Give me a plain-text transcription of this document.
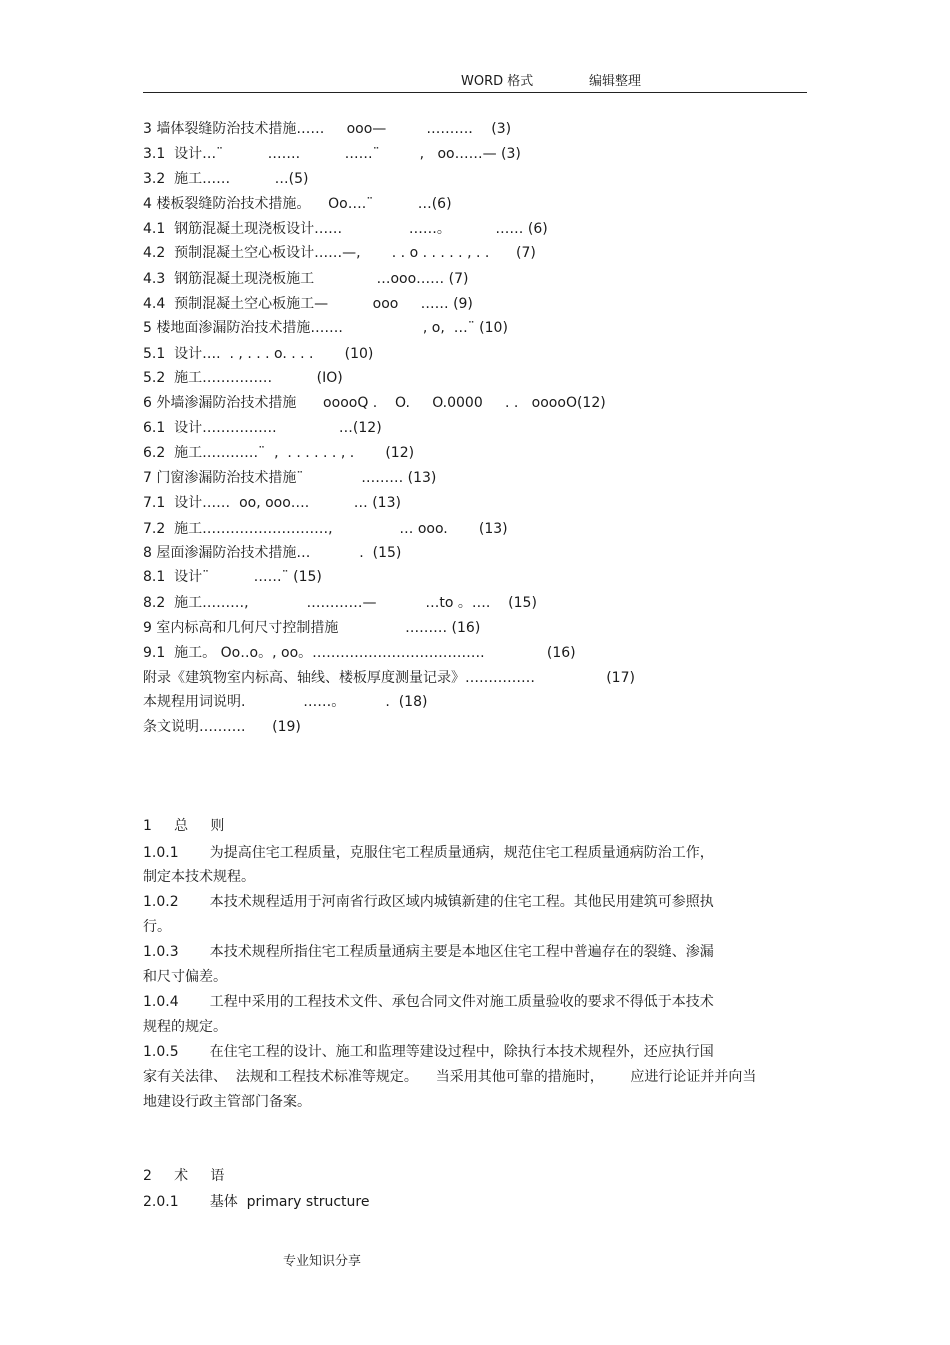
WORD 格式	编辑整理
3 墙体裂缝防治技术措施……     ooo—         ………．  (3)
3.1  设计…¨          …….          ……¨         ,   oo……— (3)
3.2  施工……          …(5)
4 楼板裂缝防治技术措施。    Oo….¨          …(6)
4.1  钢筋混凝土现浇板设计……               ……。          …… (6)
4.2  预制混凝土空心板设计……—,       . . o . . . . . , . .      (7)
4.3  钢筋混凝土现浇板施工              …ooo…… (7)
4.4  预制混凝土空心板施工—          ooo     …… (9)
5 楼地面渗漏防治技术措施…….                  , o,  …¨ (10)
5.1  设计….  . , . . . o. . . .       (10)
5.2  施工……………          (IO)
6 外墙渗漏防治技术措施      ooooQ .    O.     O.0000     . .   ooooO(12)
6.1  设计…………….              …(12)
6.2  施工…………¨  ,  . . . . . . , .       (12)
7 门窗渗漏防治技术措施¨             ……… (13)
7.1  设计……  oo, ooo….          … (13)
7.2  施工………………………,               … ooo.       (13)
8 屋面渗漏防治技术措施…           .  (15)
8.1  设计¨          ……¨ (15)
8.2  施工………,             …………—           …to 。….    (15)
9 室内标高和几何尺寸控制措施               ……… (16)
9.1  施工。 Oo‥o。, oo。……………………………….              (16)
附录《建筑物室内标高、轴线、楼板厚度测量记录》……………                (17)
本规程用词说明.             ……。         .  (18)
条文说明……….      (19)
1     总     则
1.0.1       为提高住宅工程质量，克服住宅工程质量通病，规范住宅工程质量通病防治工作，
制定本技术规程。
1.0.2       本技术规程适用于河南省行政区域内城镇新建的住宅工程。其他民用建筑可参照执
行。
1.0.3       本技术规程所指住宅工程质量通病主要是本地区住宅工程中普遍存在的裂缝、渗漏
和尺寸偏差。
1.0.4       工程中采用的工程技术文件、承包合同文件对施工质量验收的要求不得低于本技术
规程的规定。
1.0.5       在住宅工程的设计、施工和监理等建设过程中，除执行本技术规程外，还应执行国
家有关法律、  法规和工程技术标准等规定。    当采用其他可靠的措施时，      应进行论证并并向当
地建设行政主管部门备案。
2     术     语
2.0.1       基体  primary structure
专业知识分享
